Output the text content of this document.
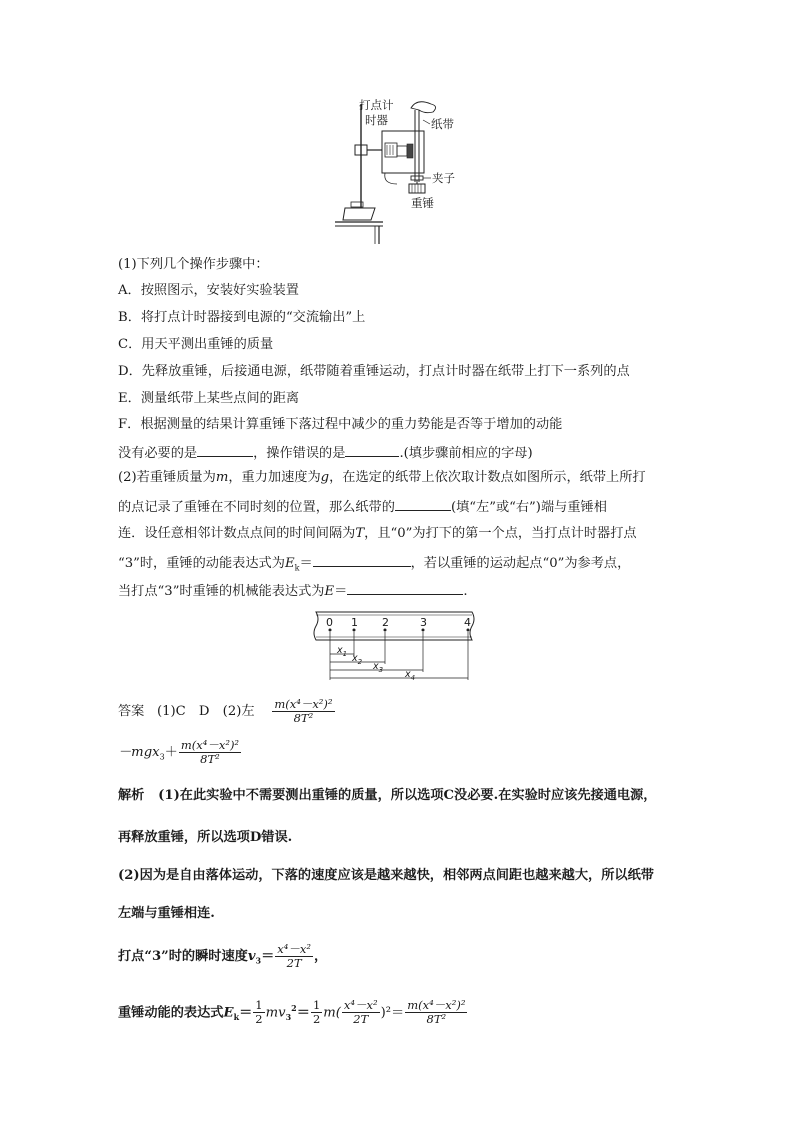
打点计
时器	纸带
夹子
重锤
(1)下列几个操作步骤中：
A．按照图示，安装好实验装置
B．将打点计时器接到电源的“交流输出”上
C．用天平测出重锤的质量
D．先释放重锤，后接通电源，纸带随着重锤运动，打点计时器在纸带上打下一系列的点
E．测量纸带上某些点间的距离
F．根据测量的结果计算重锤下落过程中减少的重力势能是否等于增加的动能
没有必要的是	，操作错误的是	.(填步骤前相应的字母)
(2)若重锤质量为m，重力加速度为g，在选定的纸带上依次取计数点如图所示，纸带上所打
的点记录了重锤在不同时刻的位置，那么纸带的	(填“左”或“右”)端与重锤相
连．设任意相邻计数点点间的时间间隔为T，且“0”为打下的第一个点，当打点计时器打点
“3”时，重锤的动能表达式为$E_k=$	，若以重锤的运动起点“0”为参考点，
当打点“3”时重锤的机械能表达式为E＝	.
0 1 2	3	4
$x_1$ $x_2$ $x_3$ $x_4$
答案 (1)C　D　(2)左 $\frac{\text{m(x⁴－x²)²}}{\text{8T²}}$
$-mgx_3+ \frac{\text{m(x⁴－x²)²}}{\text{8T²}}$
解析 (1)在此实验中不需要测出重锤的质量，所以选项C没必要.在实验时应该先接通电源，
再释放重锤，所以选项D错误.
(2)因为是自由落体运动，下落的速度应该是越来越快，相邻两点间距也越来越大，所以纸带
左端与重锤相连.
打点“3”时的瞬时速度$v_3= \frac{\text{x⁴－x²}}{2T}$ ，
重锤动能的表达式$E_k= \frac{1}{2} mv_3^2= \frac{1}{2} m( \frac{\text{x⁴－x²}}{2T} )^2= \frac{\text{m(x⁴－x²)²}}{\text{8T²}}$
